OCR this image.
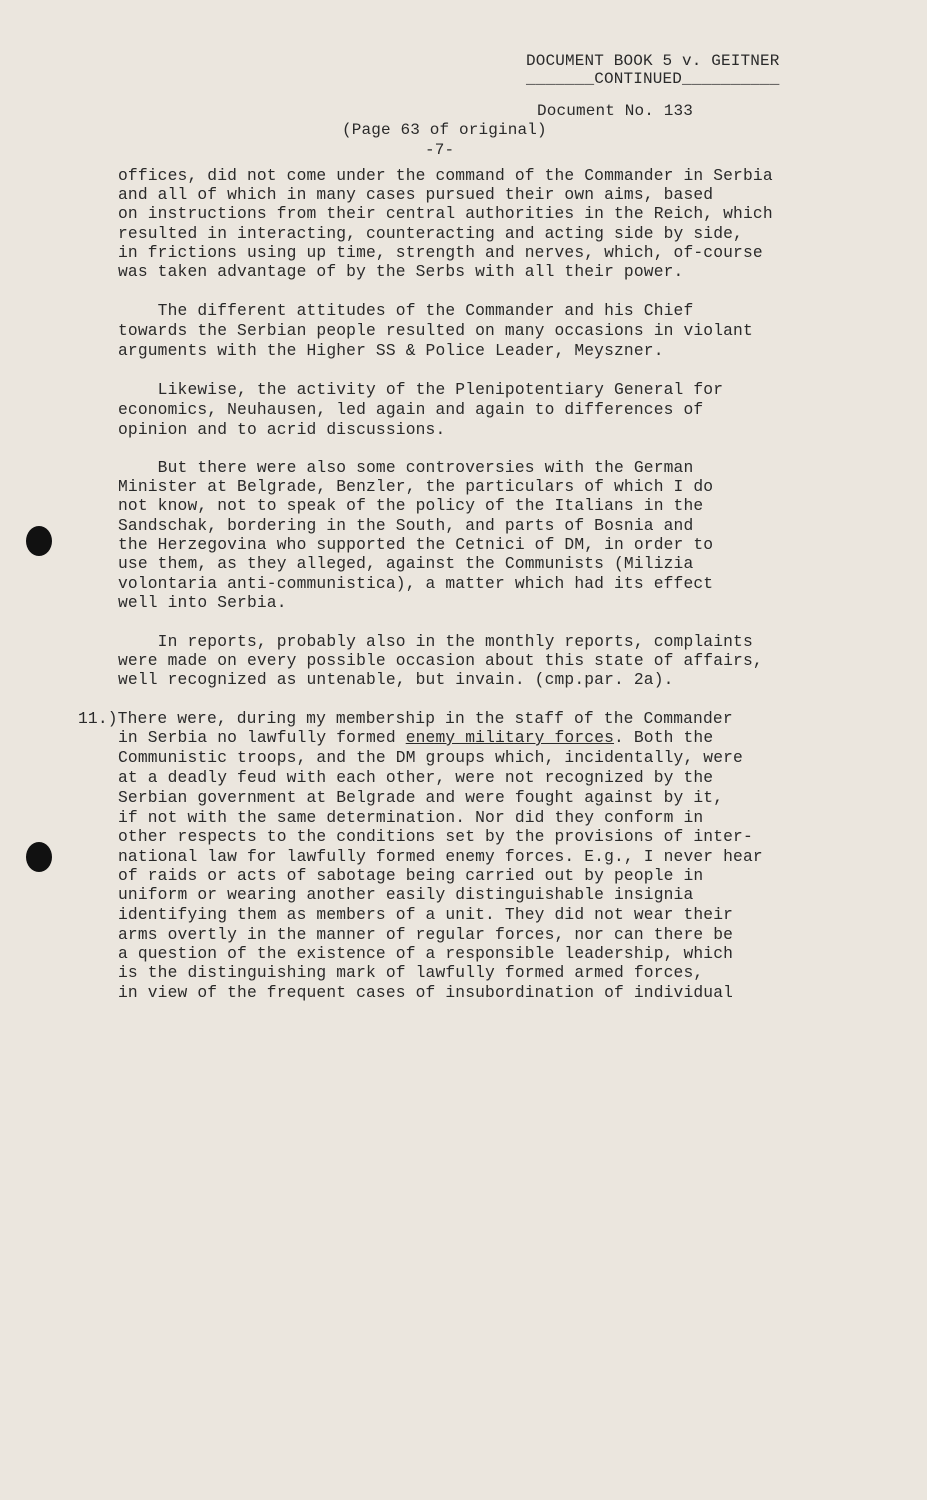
DOCUMENT BOOK 5 v. GEITNER
_______CONTINUED__________
Document No. 133
(Page 63 of original)
-7-
offices, did not come under the command of the Commander in Serbia
and all of which in many cases pursued their own aims, based
on instructions from their central authorities in the Reich, which
resulted in interacting, counteracting and acting side by side,
in frictions using up time, strength and nerves, which, of-course
was taken advantage of by the Serbs with all their power.
The different attitudes of the Commander and his Chief
towards the Serbian people resulted on many occasions in violant
arguments with the Higher SS & Police Leader, Meyszner.
Likewise, the activity of the Plenipotentiary General for
economics, Neuhausen, led again and again to differences of
opinion and to acrid discussions.
But there were also some controversies with the German
Minister at Belgrade, Benzler, the particulars of which I do
not know, not to speak of the policy of the Italians in the
Sandschak, bordering in the South, and parts of Bosnia and
the Herzegovina who supported the Cetnici of DM, in order to
use them, as they alleged, against the Communists (Milizia
volontaria anti-communistica), a matter which had its effect
well into Serbia.
In reports, probably also in the monthly reports, complaints
were made on every possible occasion about this state of affairs,
well recognized as untenable, but invain. (cmp.par. 2a).
11.)There were, during my membership in the staff of the Commander
in Serbia no lawfully formed enemy military forces. Both the
Communistic troops, and the DM groups which, incidentally, were
at a deadly feud with each other, were not recognized by the
Serbian government at Belgrade and were fought against by it,
if not with the same determination. Nor did they conform in
other respects to the conditions set by the provisions of inter-
national law for lawfully formed enemy forces. E.g., I never hear
of raids or acts of sabotage being carried out by people in
uniform or wearing another easily distinguishable insignia
identifying them as members of a unit. They did not wear their
arms overtly in the manner of regular forces, nor can there be
a question of the existence of a responsible leadership, which
is the distinguishing mark of lawfully formed armed forces,
in view of the frequent cases of insubordination of individual
